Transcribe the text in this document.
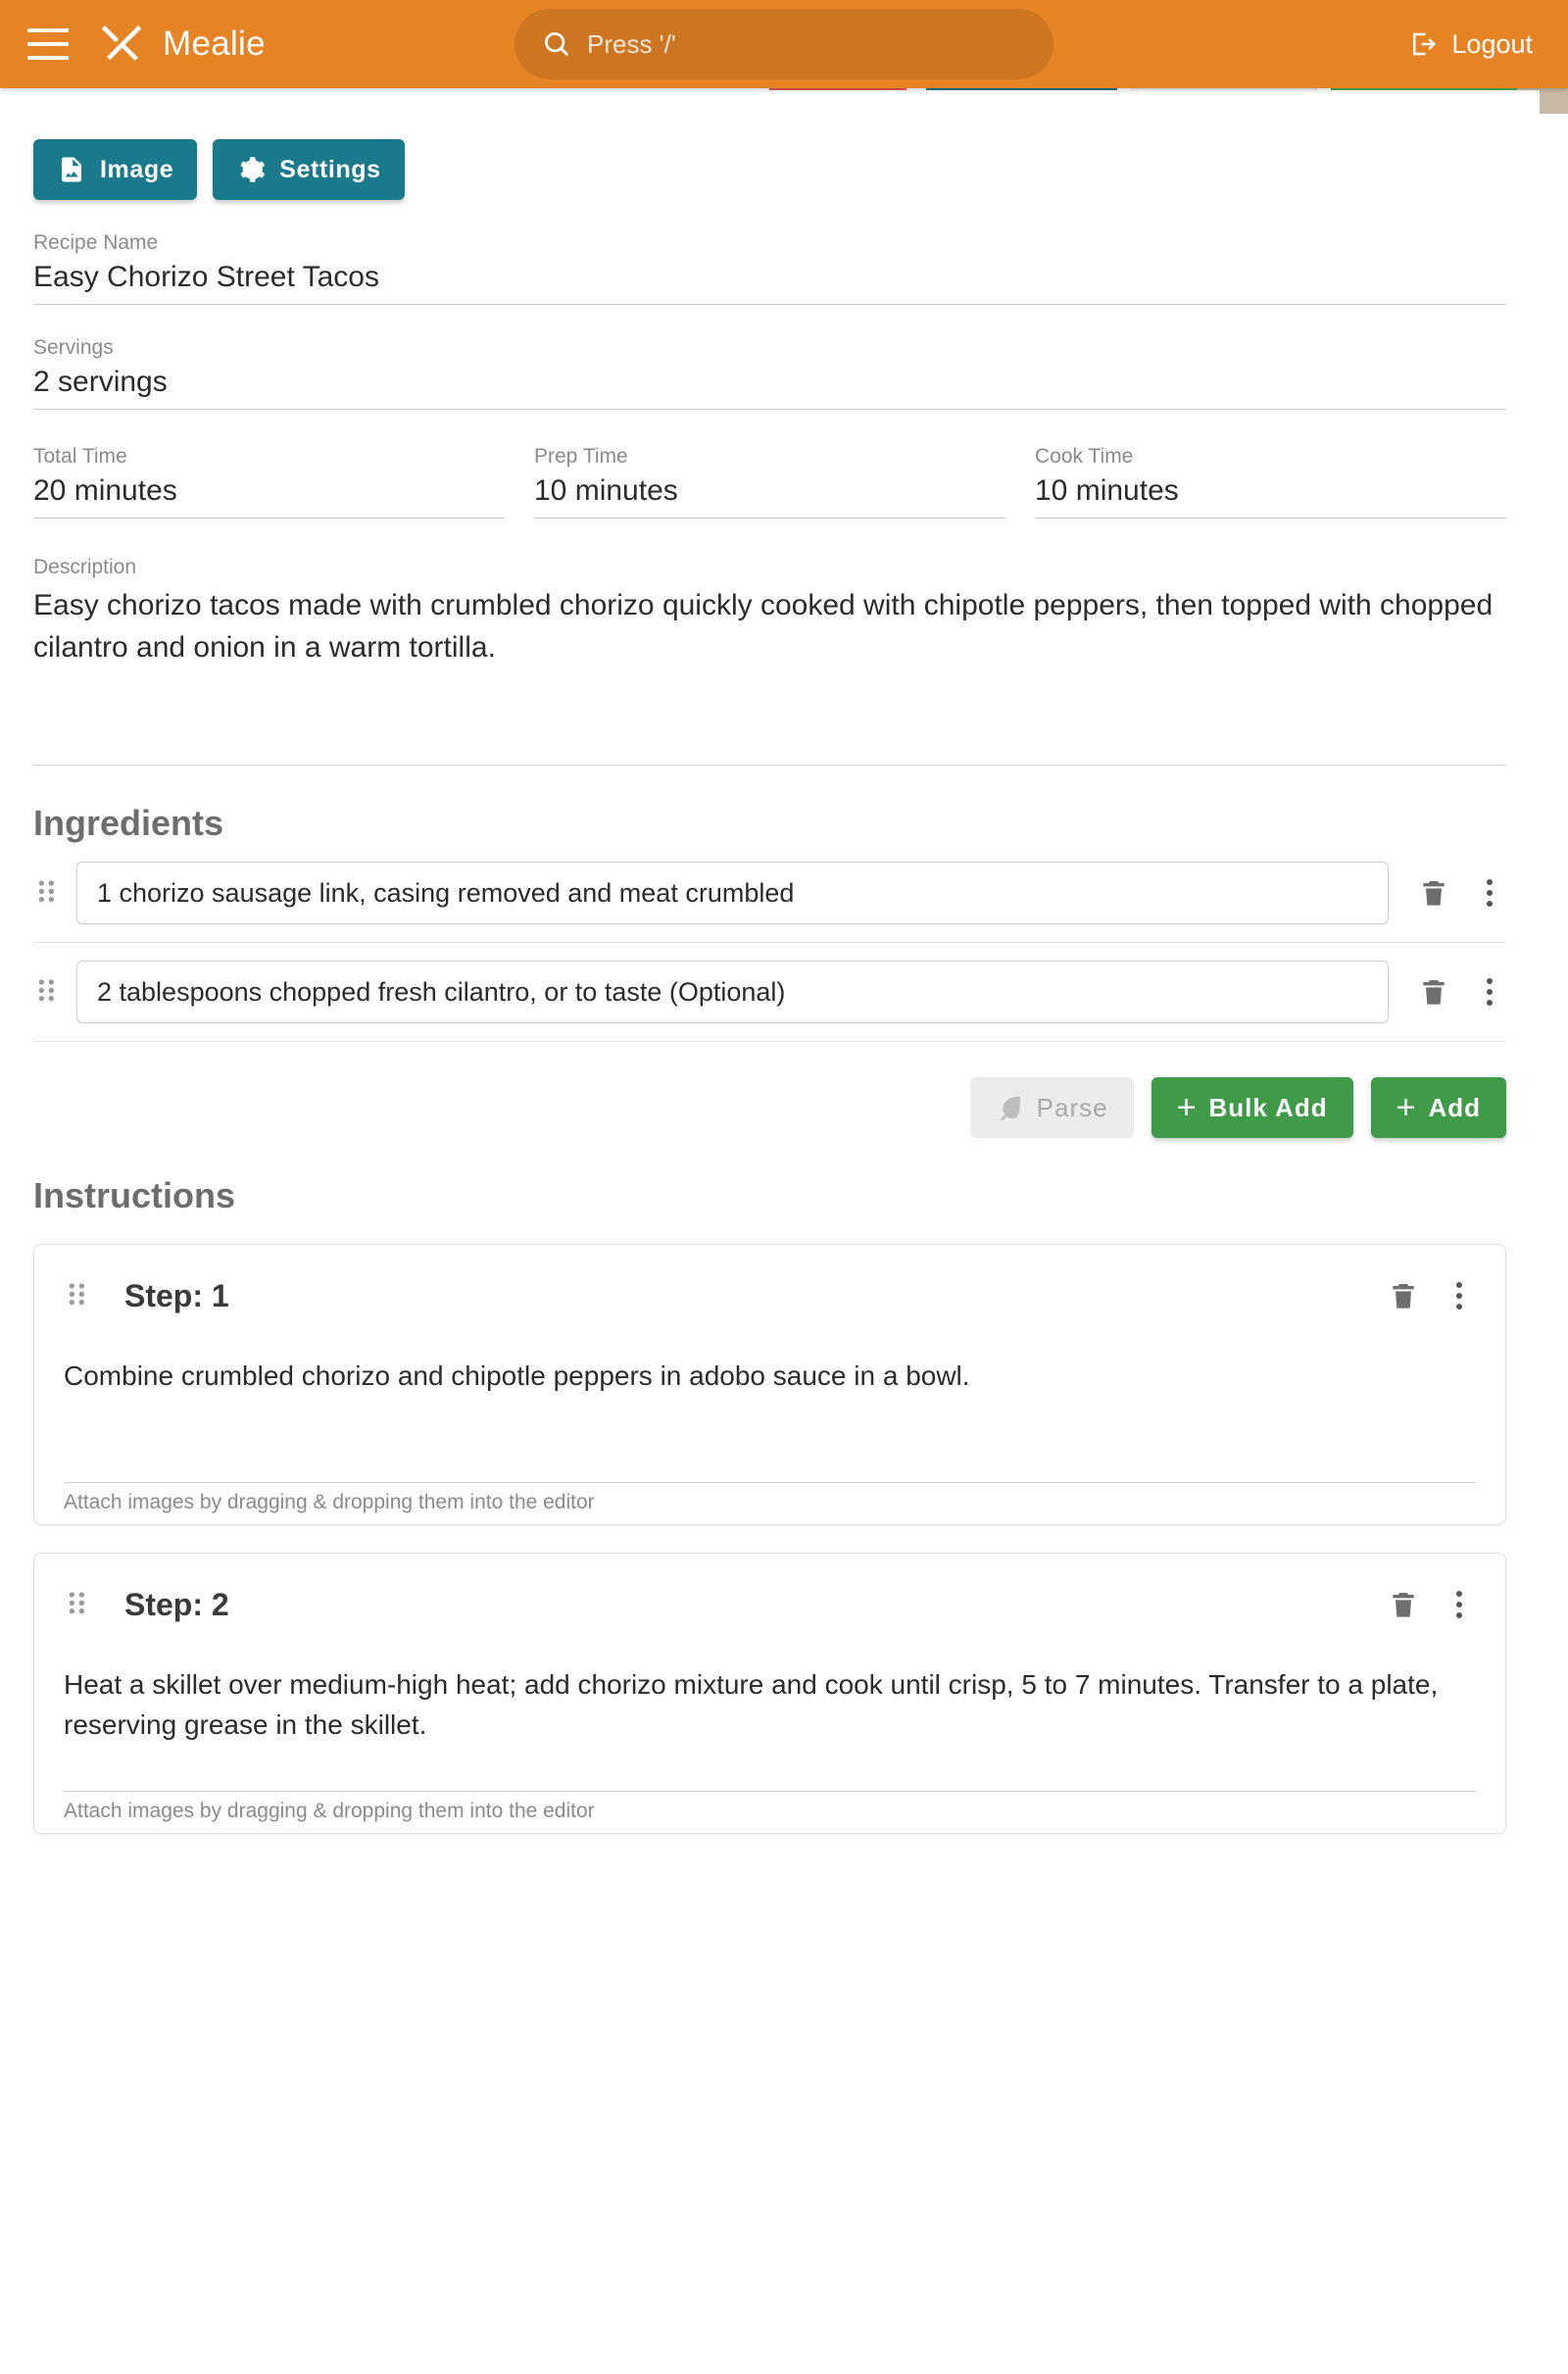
Mealie	Press '/'	Logout
Image	Settings
Recipe Name
Easy Chorizo Street Tacos
Servings
2 servings
Total Time
20 minutes
Prep Time
10 minutes
Cook Time
10 minutes
Description
Easy chorizo tacos made with crumbled chorizo quickly cooked with chipotle peppers, then topped with chopped cilantro and onion in a warm tortilla.
Ingredients
1 chorizo sausage link, casing removed and meat crumbled
2 tablespoons chopped fresh cilantro, or to taste (Optional)
Parse + Bulk Add + Add
Instructions
Step: 1
Combine crumbled chorizo and chipotle peppers in adobo sauce in a bowl.
Attach images by dragging & dropping them into the editor
Step: 2
Heat a skillet over medium-high heat; add chorizo mixture and cook until crisp, 5 to 7 minutes. Transfer to a plate, reserving grease in the skillet.
Attach images by dragging & dropping them into the editor
